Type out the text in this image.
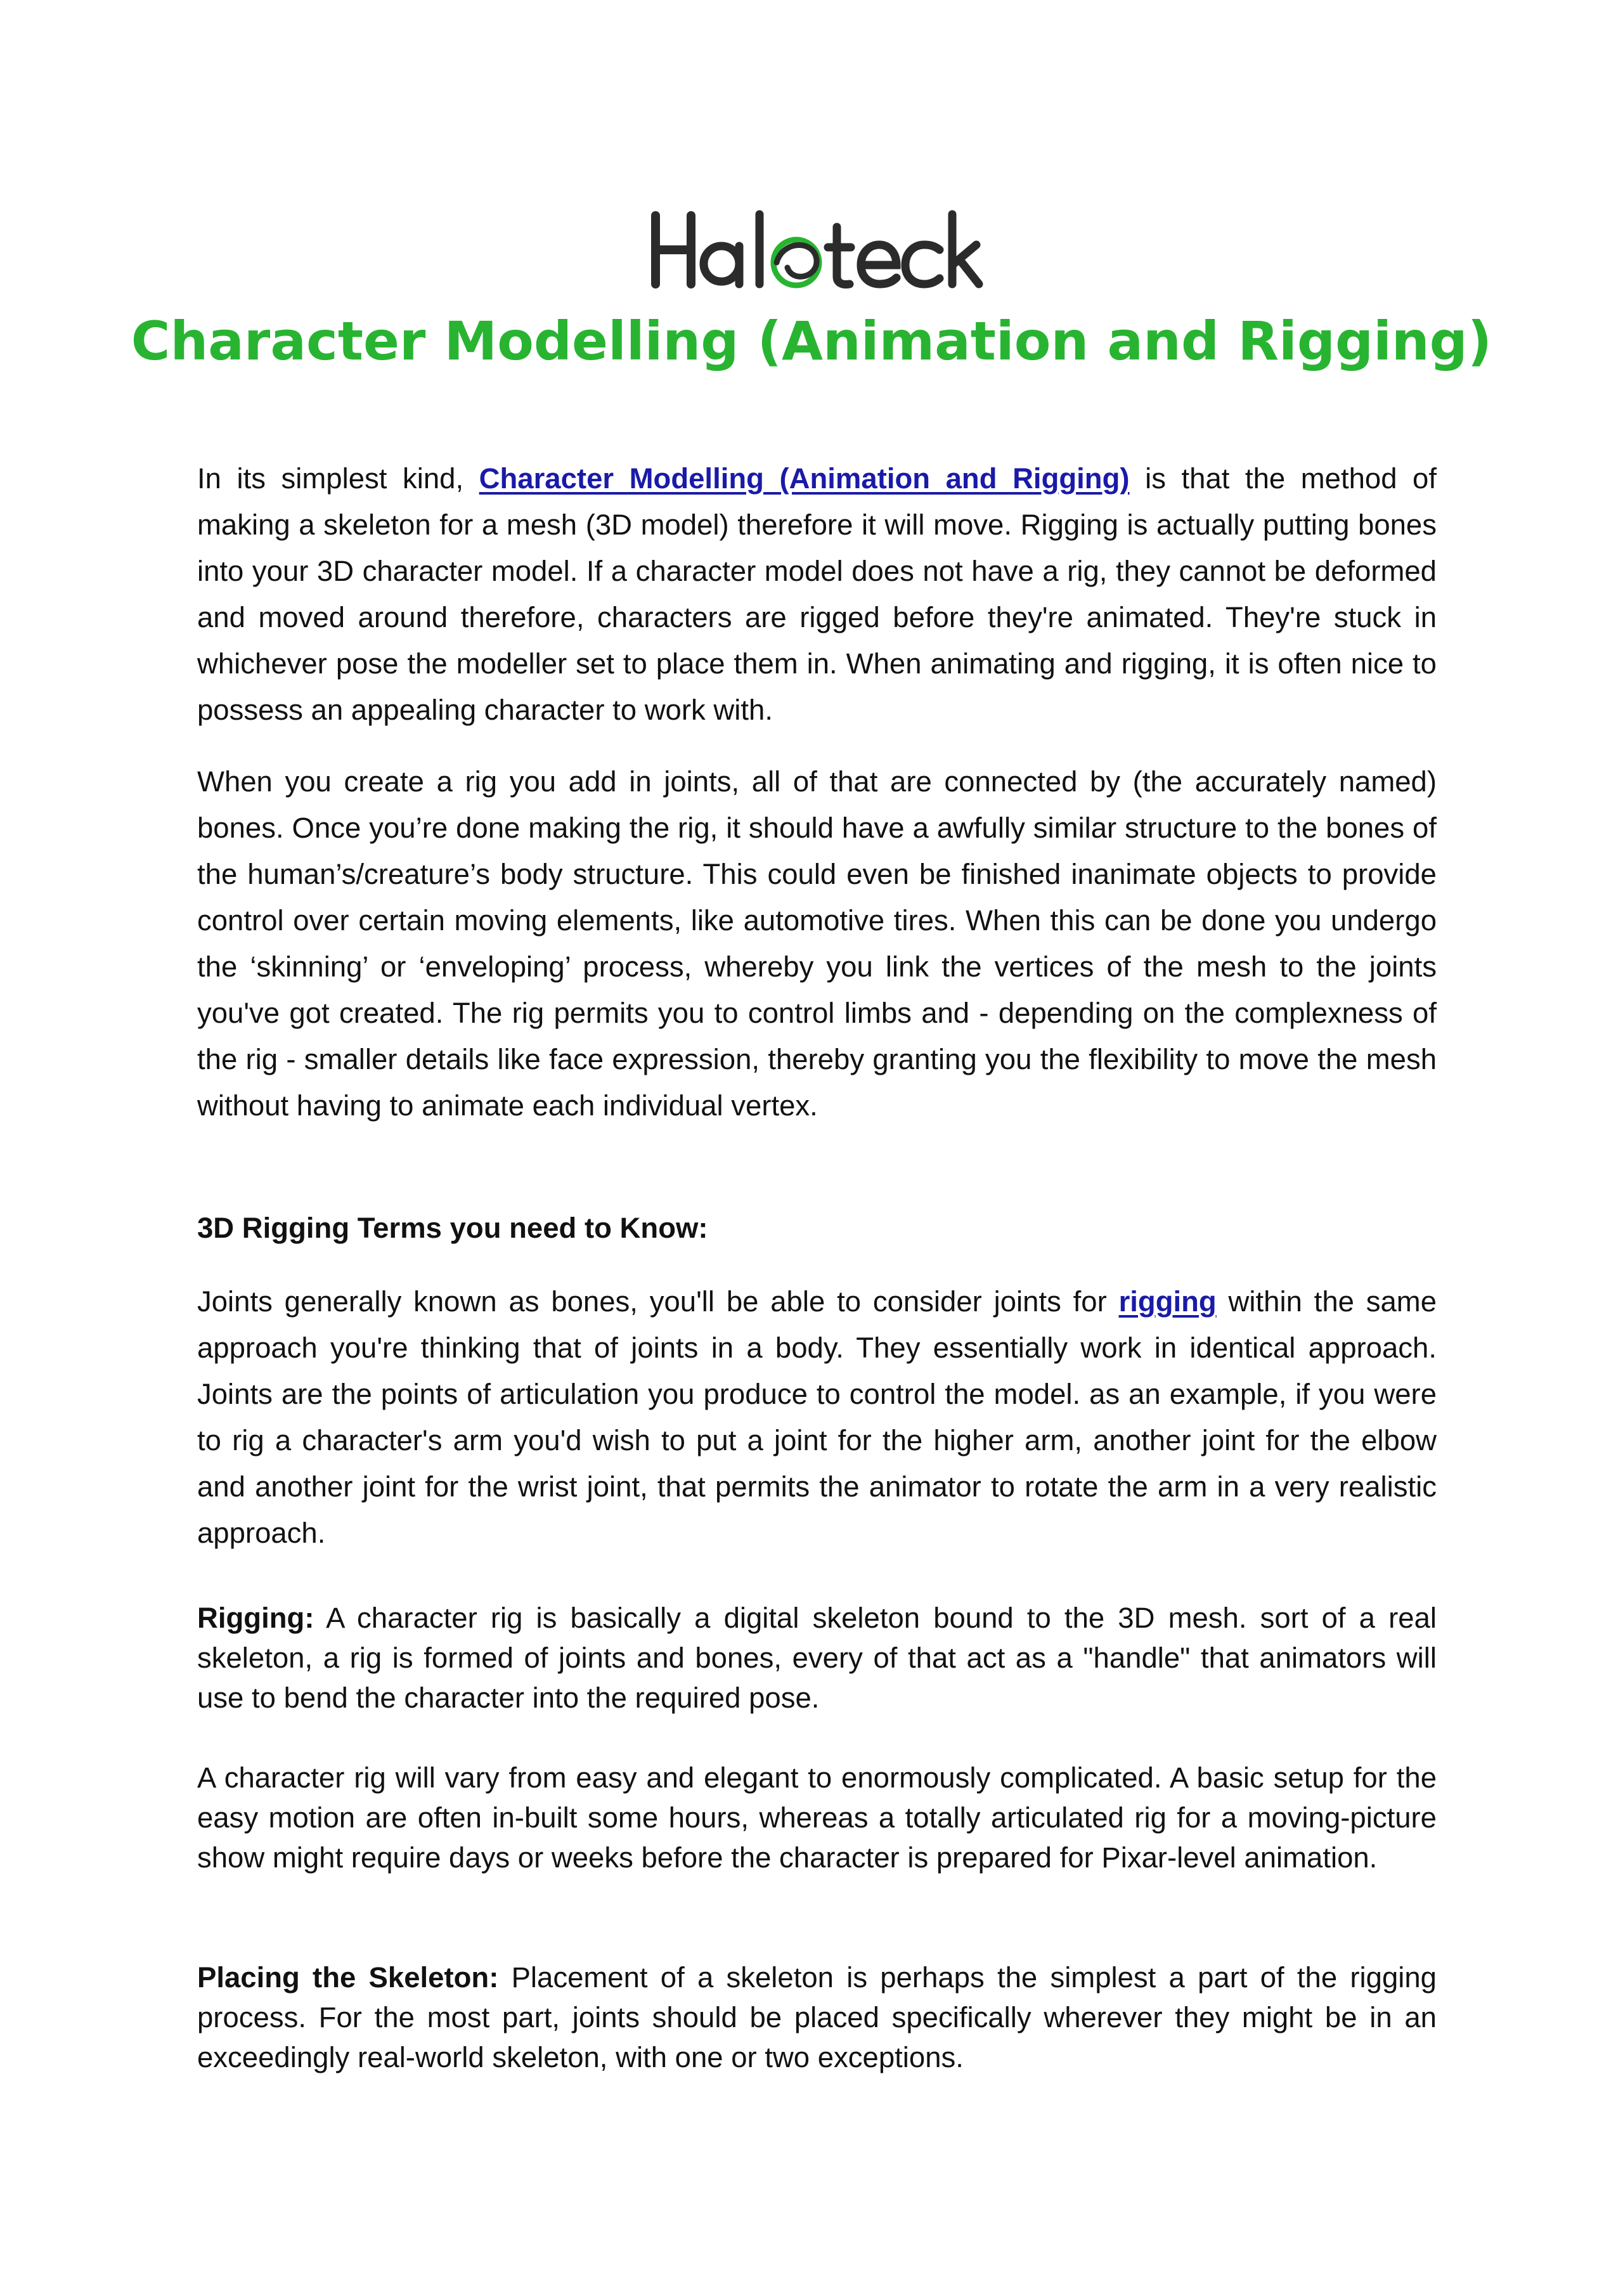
Character Modelling (Animation and Rigging)

In its simplest kind, Character Modelling (Animation and Rigging) is that the method of making a skeleton for a mesh (3D model) therefore it will move. Rigging is actually putting bones into your 3D character model. If a character model does not have a rig, they cannot be deformed and moved around therefore, characters are rigged before they're animated. They're stuck in whichever pose the modeller set to place them in. When animating and rigging, it is often nice to possess an appealing character to work with.

When you create a rig you add in joints, all of that are connected by (the accurately named) bones. Once you’re done making the rig, it should have a awfully similar structure to the bones of the human’s/creature’s body structure. This could even be finished inanimate objects to provide control over certain moving elements, like automotive tires. When this can be done you undergo the ‘skinning’ or ‘enveloping’ process, whereby you link the vertices of the mesh to the joints you've got created. The rig permits you to control limbs and - depending on the complexness of the rig - smaller details like face expression, thereby granting you the flexibility to move the mesh without having to animate each individual vertex.

3D Rigging Terms you need to Know:

Joints generally known as bones, you'll be able to consider joints for rigging within the same approach you're thinking that of joints in a body. They essentially work in identical approach. Joints are the points of articulation you produce to control the model. as an example, if you were to rig a character's arm you'd wish to put a joint for the higher arm, another joint for the elbow and another joint for the wrist joint, that permits the animator to rotate the arm in a very realistic approach.

Rigging: A character rig is basically a digital skeleton bound to the 3D mesh. sort of a real skeleton, a rig is formed of joints and bones, every of that act as a "handle" that animators will use to bend the character into the required pose.

A character rig will vary from easy and elegant to enormously complicated. A basic setup for the easy motion are often in-built some hours, whereas a totally articulated rig for a moving-picture show might require days or weeks before the character is prepared for Pixar-level animation.

Placing the Skeleton: Placement of a skeleton is perhaps the simplest a part of the rigging process. For the most part, joints should be placed specifically wherever they might be in an exceedingly real-world skeleton, with one or two exceptions.
